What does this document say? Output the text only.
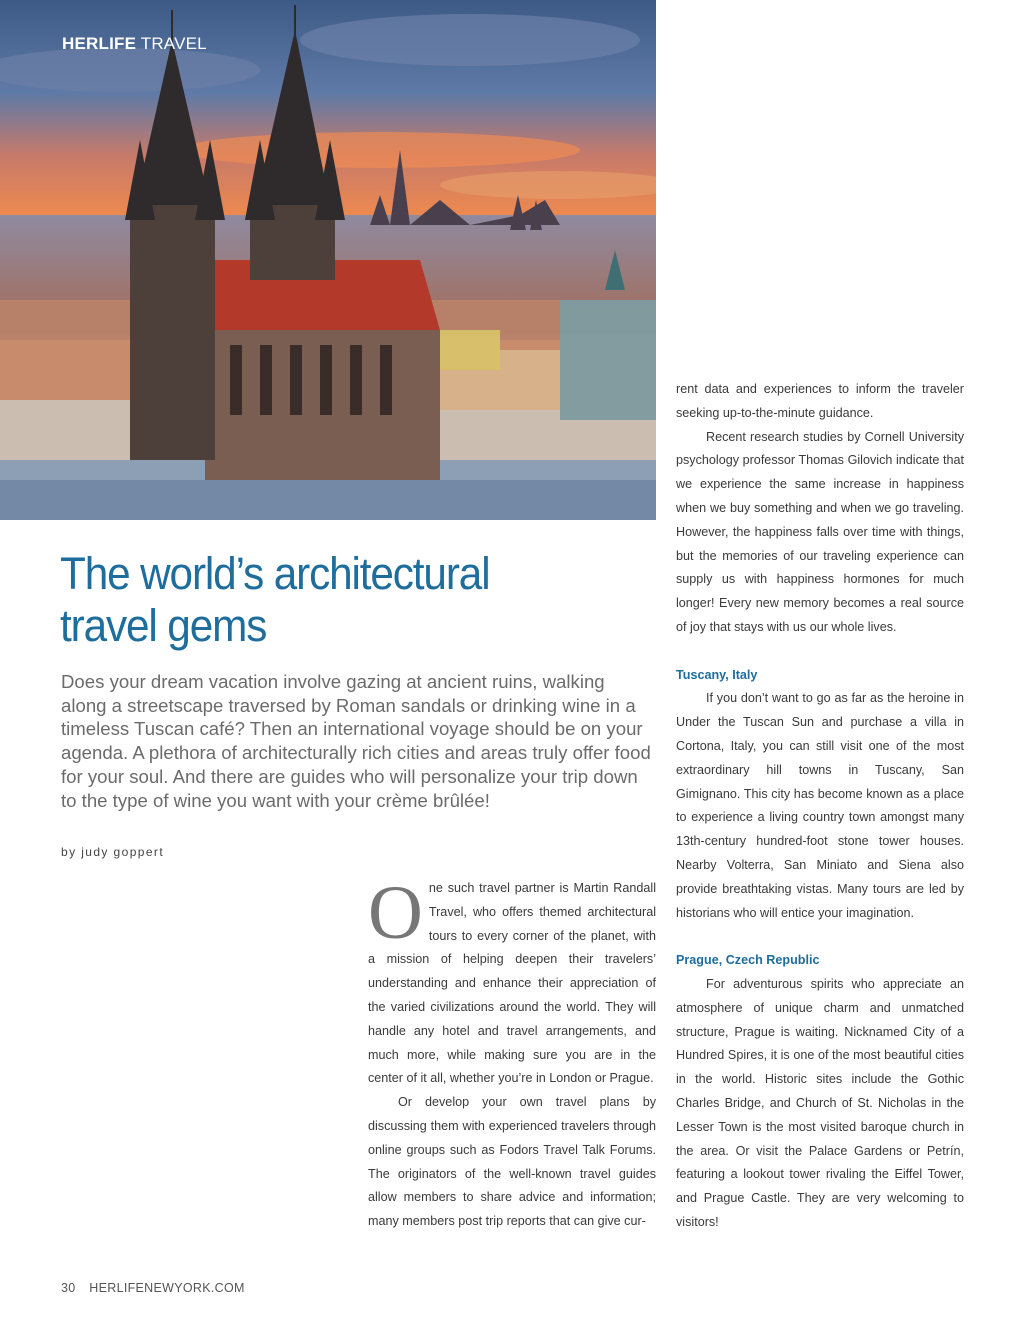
HERLIFE TRAVEL
The world’s architectural
travel gems

Does your dream vacation involve gazing at ancient ruins, walking along a streetscape traversed by Roman sandals or drinking wine in a timeless Tuscan café? Then an international voyage should be on your agenda. A plethora of architecturally rich cities and areas truly offer food for your soul. And there are guides who will personalize your trip down to the type of wine you want with your crème brûlée!

by judy goppert

One such travel partner is Martin Randall Travel, who offers themed architectural tours to every corner of the planet, with a mission of helping deepen their travelers’ understanding and enhance their appreciation of the varied civilizations around the world. They will handle any hotel and travel arrangements, and much more, while making sure you are in the center of it all, whether you’re in London or Prague.

Or develop your own travel plans by discussing them with experienced travelers through online groups such as Fodors Travel Talk Forums. The originators of the well-known travel guides allow members to share advice and information; many members post trip reports that can give cur-

rent data and experiences to inform the traveler seeking up-to-the-minute guidance.

Recent research studies by Cornell University psychology professor Thomas Gilovich indicate that we experience the same increase in happiness when we buy something and when we go traveling. However, the happiness falls over time with things, but the memories of our traveling experience can supply us with happiness hormones for much longer! Every new memory becomes a real source of joy that stays with us our whole lives.

Tuscany, Italy

If you don’t want to go as far as the heroine in Under the Tuscan Sun and purchase a villa in Cortona, Italy, you can still visit one of the most extraordinary hill towns in Tuscany, San Gimignano. This city has become known as a place to experience a living country town amongst many 13th-century hundred-foot stone tower houses. Nearby Volterra, San Miniato and Siena also provide breathtaking vistas. Many tours are led by historians who will entice your imagination.

Prague, Czech Republic

For adventurous spirits who appreciate an atmosphere of unique charm and unmatched structure, Prague is waiting. Nicknamed City of a Hundred Spires, it is one of the most beautiful cities in the world. Historic sites include the Gothic Charles Bridge, and Church of St. Nicholas in the Lesser Town is the most visited baroque church in the area. Or visit the Palace Gardens or Petrín, featuring a lookout tower rivaling the Eiffel Tower, and Prague Castle. They are very welcoming to visitors!

30 HERLIFENEWYORK.COM
